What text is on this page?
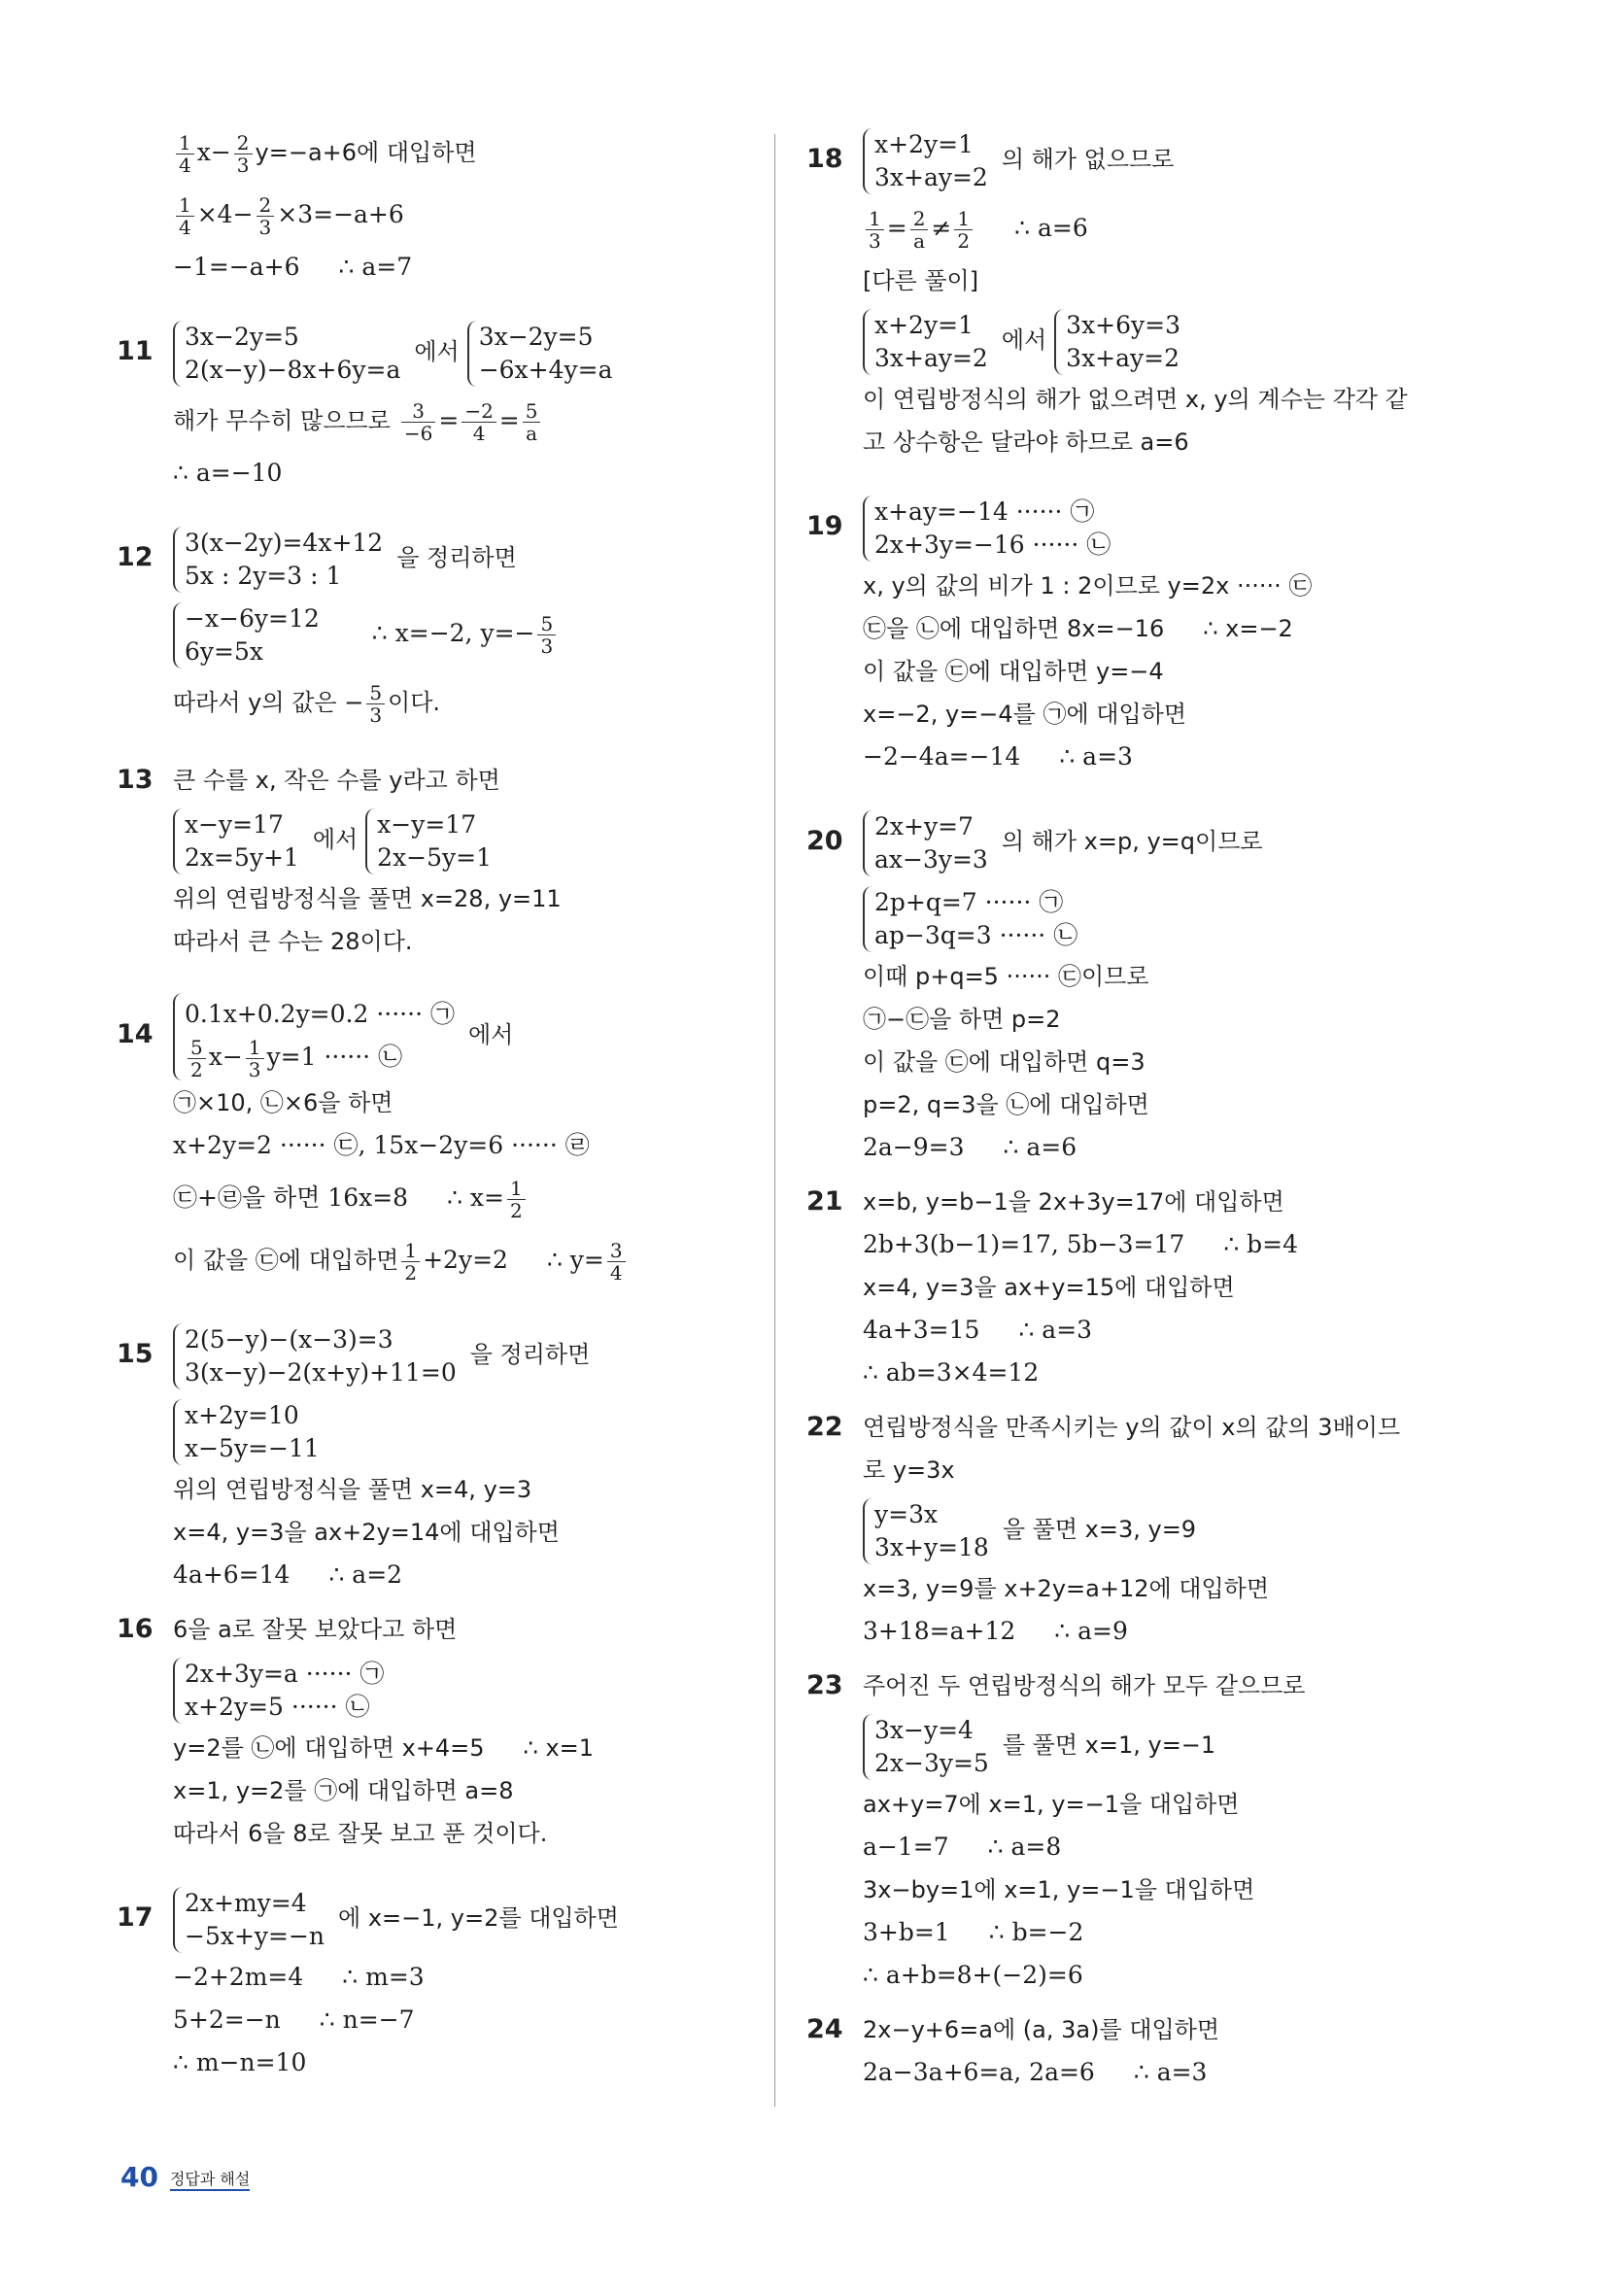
$\frac{1}{4} x- \frac{2}{3} y=-a+6$에 대입하면
$\frac{1}{4} \times 4- \frac{2}{3} \times 3=-a+6$
−1=−a+6 ∴ a=7
11 3x−2y=5
2(x−y)−8x+6y=a
에서
3x−2y=5
−6x+4y=a
해가 무수히 많으므로 $\frac{3}{-6} = \frac{-2}{4} = \frac{5}{a}$
∴ a=−10
12 3(x−2y)=4x+12
5x : 2y=3 : 1
을 정리하면
−x−6y=12
6y=5x
∴ x=−2, $y=- \frac{5}{3}$
따라서 y의 값은 − $\frac{5}{3}$ 이다.
13 큰 수를 x, 작은 수를 y라고 하면
x−y=17
2x=5y+1
에서
x−y=17
2x−5y=1
위의 연립방정식을 풀면 x=28, y=11
따라서 큰 수는 28이다.
14
0.1x+0.2y=0.2 ······ ㉠
$\frac{5}{2} x- \frac{1}{3} y=1$ ······ ㉡
에서
㉠×10, ㉡×6을 하면
x+2y=2 ······ ㉢, 15x−2y=6 ······ ㉣
㉢+㉣을 하면 16x=8 ∴ $x= \frac{1}{2}$
이 값을 ㉢에 대입하면 $\frac{1}{2} +2y=2$ ∴ $y= \frac{3}{4}$
15 2(5−y)−(x−3)=3
3(x−y)−2(x+y)+11=0
을 정리하면
x+2y=10
x−5y=−11
위의 연립방정식을 풀면 x=4, y=3
x=4, y=3을 ax+2y=14에 대입하면
4a+6=14 ∴ a=2
16 6을 a로 잘못 보았다고 하면
2x+3y=a ······ ㉠
x+2y=5 ······ ㉡
y=2를 ㉡에 대입하면 x+4=5 ∴ x=1
x=1, y=2를 ㉠에 대입하면 a=8
따라서 6을 8로 잘못 보고 푼 것이다.
17 2x+my=4
−5x+y=−n
에 x=−1, y=2를 대입하면
−2+2m=4 ∴ m=3
5+2=−n ∴ n=−7
∴ m−n=10
18 x+2y=1
3x+ay=2
의 해가 없으므로
$\frac{1}{3} = \frac{2}{a} \ne \frac{1}{2}$ ∴ a=6
[다른 풀이]
x+2y=1
3x+ay=2
에서
3x+6y=3
3x+ay=2
이 연립방정식의 해가 없으려면 x, y의 계수는 각각 같
고 상수항은 달라야 하므로 a=6
19 x+ay=−14 ······ ㉠
2x+3y=−16 ······ ㉡
x, y의 값의 비가 1 : 2이므로 y=2x ······ ㉢
㉢을 ㉡에 대입하면 8x=−16 ∴ x=−2
이 값을 ㉢에 대입하면 y=−4
x=−2, y=−4를 ㉠에 대입하면
−2−4a=−14 ∴ a=3
20 2x+y=7
ax−3y=3
의 해가 x=p, y=q이므로
2p+q=7 ······ ㉠
ap−3q=3 ······ ㉡
이때 p+q=5 ······ ㉢이므로
㉠−㉢을 하면 p=2
이 값을 ㉢에 대입하면 q=3
p=2, q=3을 ㉡에 대입하면
2a−9=3 ∴ a=6
21 x=b, y=b−1을 2x+3y=17에 대입하면
2b+3(b−1)=17, 5b−3=17 ∴ b=4
x=4, y=3을 ax+y=15에 대입하면
4a+3=15 ∴ a=3
∴ ab=3×4=12
22 연립방정식을 만족시키는 y의 값이 x의 값의 3배이므
로 y=3x
y=3x
3x+y=18
을 풀면 x=3, y=9
x=3, y=9를 x+2y=a+12에 대입하면
3+18=a+12 ∴ a=9
23 주어진 두 연립방정식의 해가 모두 같으므로
3x−y=4
2x−3y=5
를 풀면 x=1, y=−1
ax+y=7에 x=1, y=−1을 대입하면
a−1=7 ∴ a=8
3x−by=1에 x=1, y=−1을 대입하면
3+b=1 ∴ b=−2
∴ a+b=8+(−2)=6
24 2x−y+6=a에 (a, 3a)를 대입하면
2a−3a+6=a, 2a=6 ∴ a=3
40 정답과 해설
